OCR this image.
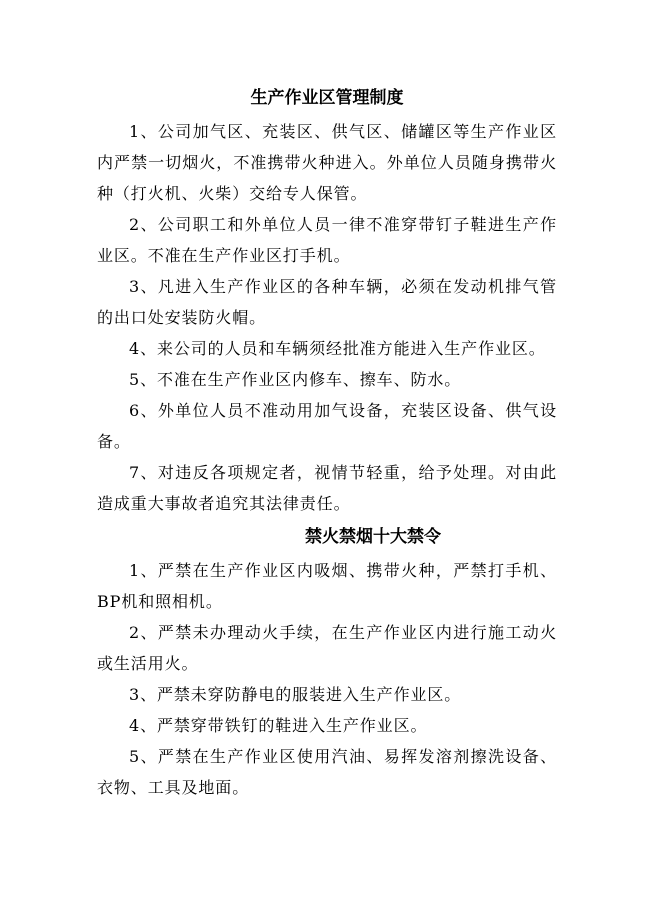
生产作业区管理制度

1、公司加气区、充装区、供气区、储罐区等生产作业区内严禁一切烟火，不准携带火种进入。外单位人员随身携带火种（打火机、火柴）交给专人保管。

2、公司职工和外单位人员一律不准穿带钉子鞋进生产作业区。不准在生产作业区打手机。

3、凡进入生产作业区的各种车辆，必须在发动机排气管的出口处安装防火帽。

4、来公司的人员和车辆须经批准方能进入生产作业区。

5、不准在生产作业区内修车、擦车、防水。

6、外单位人员不准动用加气设备，充装区设备、供气设备。

7、对违反各项规定者，视情节轻重，给予处理。对由此造成重大事故者追究其法律责任。

禁火禁烟十大禁令

1、严禁在生产作业区内吸烟、携带火种，严禁打手机、BP机和照相机。

2、严禁未办理动火手续，在生产作业区内进行施工动火或生活用火。

3、严禁未穿防静电的服装进入生产作业区。

4、严禁穿带铁钉的鞋进入生产作业区。

5、严禁在生产作业区使用汽油、易挥发溶剂擦洗设备、衣物、工具及地面。
